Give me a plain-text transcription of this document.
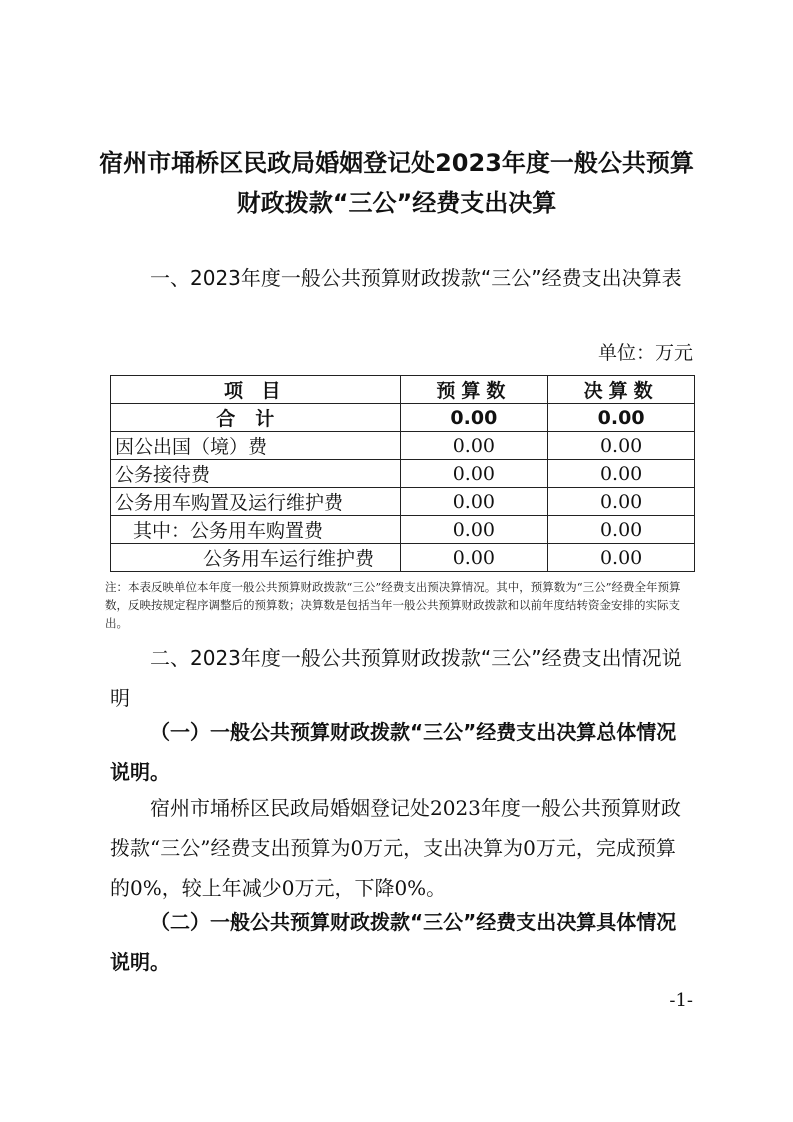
宿州市埇桥区民政局婚姻登记处2023年度一般公共预算
财政拨款“三公”经费支出决算
一、2023年度一般公共预算财政拨款“三公”经费支出决算表
单位：万元
项 目	预算数	决算数
合计	0.00	0.00
因公出国（境）费	0.00	0.00
公务接待费	0.00	0.00
公务用车购置及运行维护费	0.00	0.00
其中：公务用车购置费	0.00	0.00
公务用车运行维护费	0.00	0.00
注：本表反映单位本年度一般公共预算财政拨款“三公”经费支出预决算情况。其中，预算数为“三公”经费全年预算数，反映按规定程序调整后的预算数；决算数是包括当年一般公共预算财政拨款和以前年度结转资金安排的实际支出。
二、2023年度一般公共预算财政拨款“三公”经费支出情况说明
（一）一般公共预算财政拨款“三公”经费支出决算总体情况说明。
宿州市埇桥区民政局婚姻登记处2023年度一般公共预算财政拨款“三公”经费支出预算为0万元，支出决算为0万元，完成预算的0%，较上年减少0万元，下降0%。
（二）一般公共预算财政拨款“三公”经费支出决算具体情况说明。
-1-
